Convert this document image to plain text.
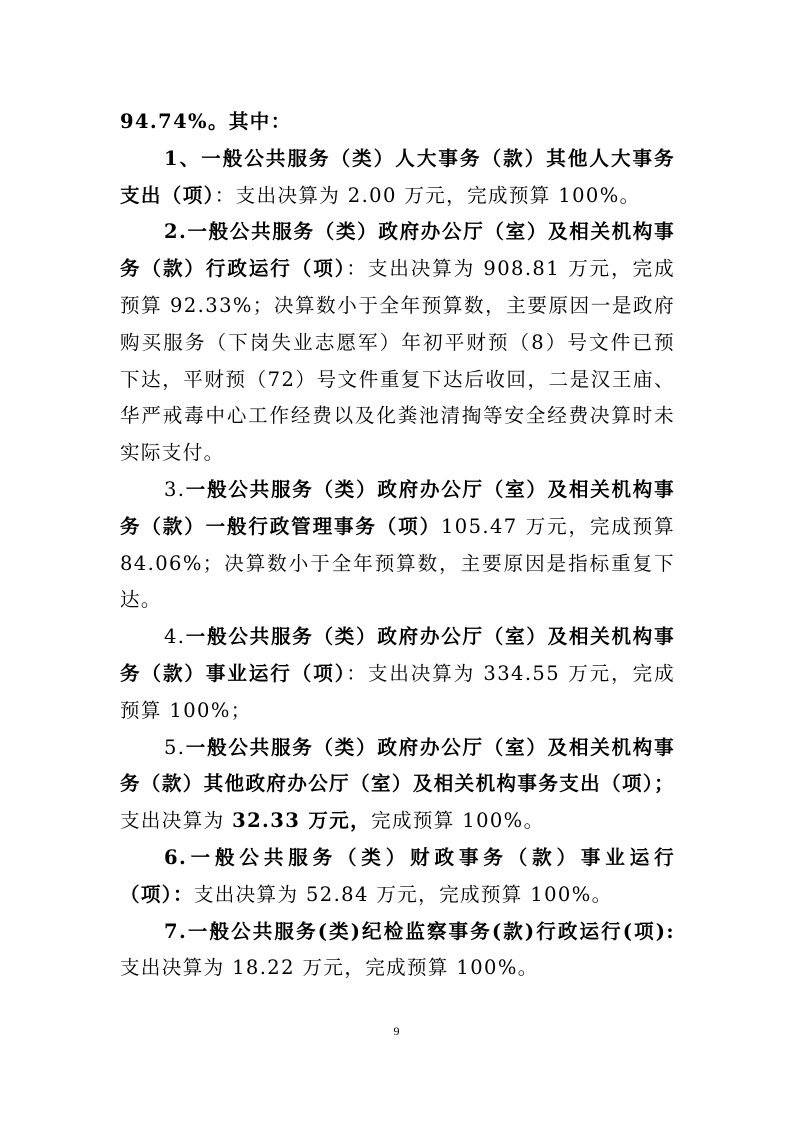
94.74%。其中：

1、一般公共服务（类）人大事务（款）其他人大事务支出（项）：支出决算为 2.00 万元，完成预算 100%。

2.一般公共服务（类）政府办公厅（室）及相关机构事务（款）行政运行（项）：支出决算为 908.81 万元，完成预算 92.33%；决算数小于全年预算数，主要原因一是政府购买服务（下岗失业志愿军）年初平财预（8）号文件已预下达，平财预（72）号文件重复下达后收回，二是汉王庙、华严戒毒中心工作经费以及化粪池清掏等安全经费决算时未实际支付。

3.一般公共服务（类）政府办公厅（室）及相关机构事务（款）一般行政管理事务（项）105.47 万元，完成预算 84.06%；决算数小于全年预算数，主要原因是指标重复下达。

4.一般公共服务（类）政府办公厅（室）及相关机构事务（款）事业运行（项）：支出决算为 334.55 万元，完成预算 100%；

5.一般公共服务（类）政府办公厅（室）及相关机构事务（款）其他政府办公厅（室）及相关机构事务支出（项）；支出决算为 32.33 万元，完成预算 100%。

6.一般公共服务（类）财政事务（款）事业运行（项）：支出决算为 52.84 万元，完成预算 100%。

7.一般公共服务(类)纪检监察事务(款)行政运行(项):支出决算为 18.22 万元，完成预算 100%。

9
